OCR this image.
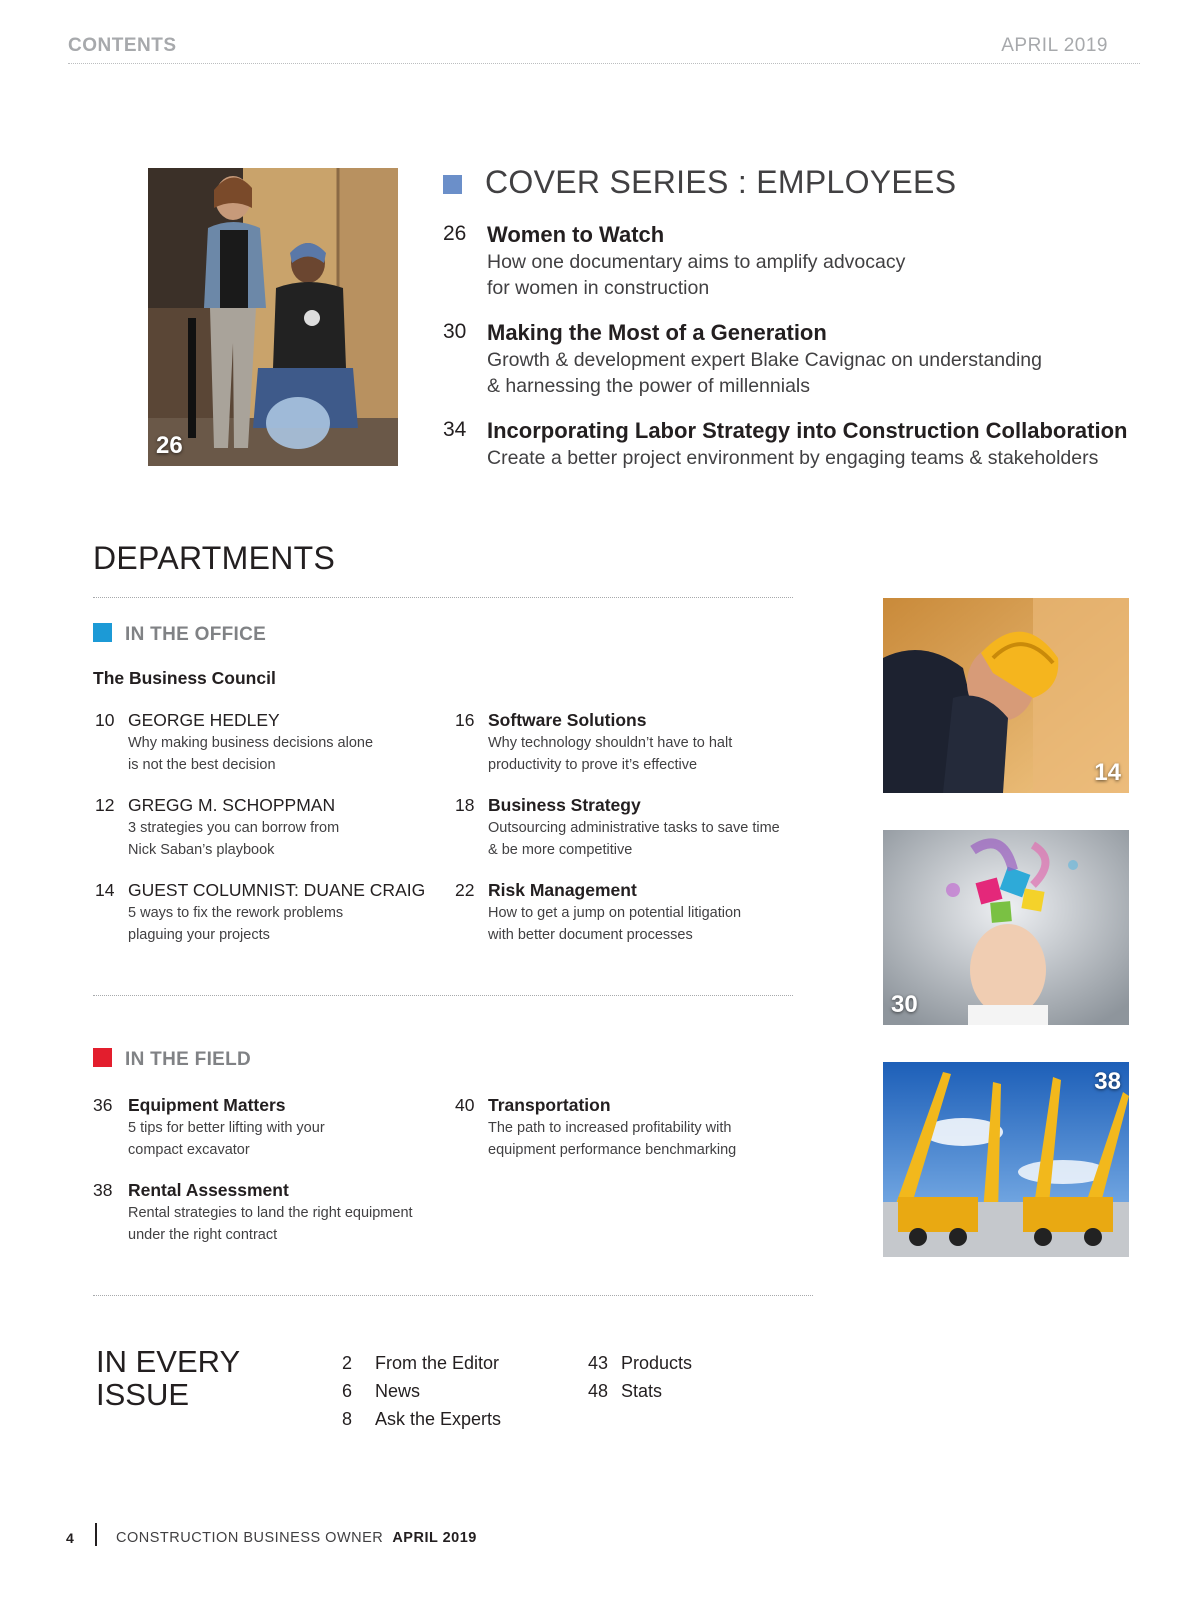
CONTENTS	APRIL 2019
26
COVER SERIES : EMPLOYEES
26 Women to Watch
How one documentary aims to amplify advocacy
for women in construction
30 Making the Most of a Generation
Growth & development expert Blake Cavignac on understanding
& harnessing the power of millennials
34 Incorporating Labor Strategy into Construction Collaboration
Create a better project environment by engaging teams & stakeholders
DEPARTMENTS
IN THE OFFICE
The Business Council
10 GEORGE HEDLEY
Why making business decisions alone
is not the best decision
12 GREGG M. SCHOPPMAN
3 strategies you can borrow from
Nick Saban’s playbook
14 GUEST COLUMNIST: DUANE CRAIG
5 ways to fix the rework problems
plaguing your projects
16 Software Solutions
Why technology shouldn’t have to halt
productivity to prove it’s effective
18 Business Strategy
Outsourcing administrative tasks to save time
& be more competitive
22 Risk Management
How to get a jump on potential litigation
with better document processes
IN THE FIELD
36 Equipment Matters
5 tips for better lifting with your
compact excavator
38 Rental Assessment
Rental strategies to land the right equipment
under the right contract
40 Transportation
The path to increased profitability with
equipment performance benchmarking
14
30
38
IN EVERY
ISSUE
2 From the Editor
6 News
8 Ask the Experts
43 Products
48 Stats
4	CONSTRUCTION BUSINESS OWNER APRIL 2019
